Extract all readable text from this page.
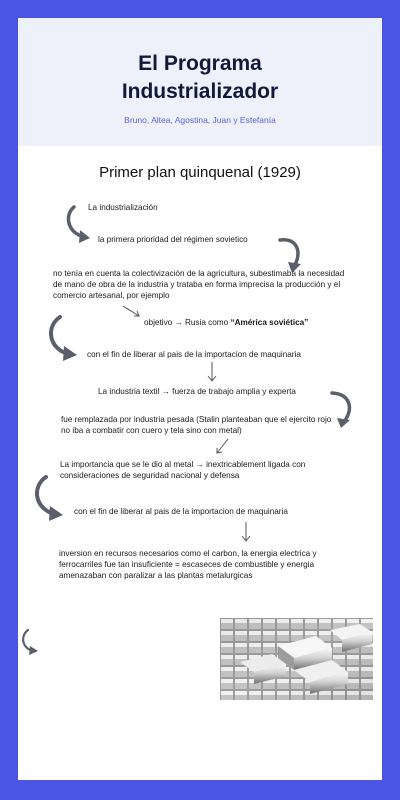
El Programa
Industrializador
Bruno, Altea, Agostina, Juan y Estefanía
Primer plan quinquenal (1929)
La industrialización
la primera prioridad del régimen sovietico
no tenía en cuenta la colectivización de la agricultura, subestimaba la necesidad de mano de obra de la industria y trataba en forma imprecisa la producción y el comercio artesanal, por ejemplo
objetivo → Rusia como “América soviética”
con el fin de liberar al pais de la importacion de maquinaria
La industria textil → fuerza de trabajo amplia y experta
fue remplazada por industria pesada (Stalin planteaban que el ejercito rojo no iba a combatir con cuero y tela sino con metal)
La importancia que se le dio al metal → inextricablement ligada con consideraciones de seguridad nacional y defensa
con el fin de liberar al pais de la importacion de maquinaria
inversion en recursos necesarios como el carbon, la energia electrica y ferrocarriles fue tan insuficiente = escaseces de combustible y energia amenazaban con paralizar a las plantas metalurgicas
